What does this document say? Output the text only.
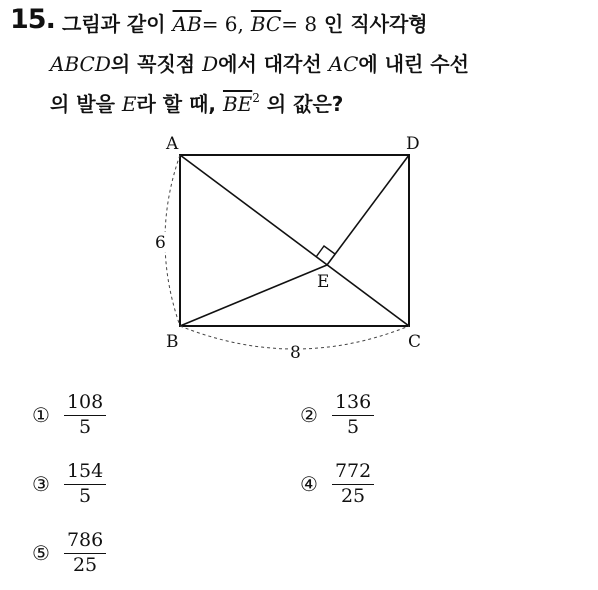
15. 그림과 같이 $\overline{AB}= 6$, $\overline{BC}= 8$ 인 직사각형
ABCD의 꼭짓점 D에서 대각선 AC에 내린 수선
의 발을 E라 할 때, $\overline{BE}^2$ 의 값은?
A	D
B	C
E
6
8
① $\frac{108}{5}$	② $\frac{136}{5}$
③ $\frac{154}{5}$	④ $\frac{772}{25}$
⑤ $\frac{786}{25}$
